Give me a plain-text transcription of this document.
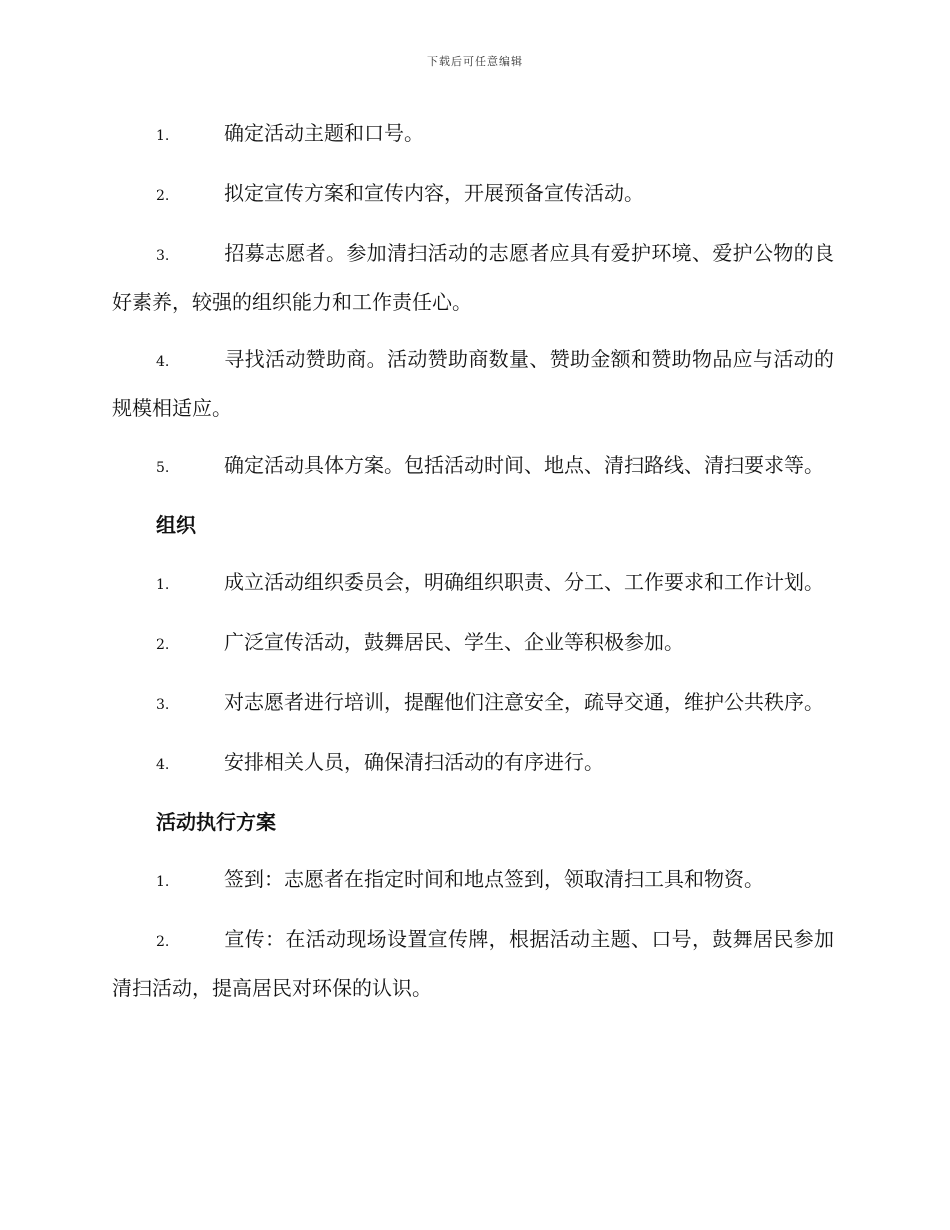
下载后可任意编辑

1.	确定活动主题和口号。

2.	拟定宣传方案和宣传内容，开展预备宣传活动。

3.	招募志愿者。参加清扫活动的志愿者应具有爱护环境、爱护公物的良好素养，较强的组织能力和工作责任心。

4.	寻找活动赞助商。活动赞助商数量、赞助金额和赞助物品应与活动的规模相适应。

5.	确定活动具体方案。包括活动时间、地点、清扫路线、清扫要求等。

组织

1.	成立活动组织委员会，明确组织职责、分工、工作要求和工作计划。

2.	广泛宣传活动，鼓舞居民、学生、企业等积极参加。

3.	对志愿者进行培训，提醒他们注意安全，疏导交通，维护公共秩序。

4.	安排相关人员，确保清扫活动的有序进行。

活动执行方案

1.	签到：志愿者在指定时间和地点签到，领取清扫工具和物资。

2.	宣传：在活动现场设置宣传牌，根据活动主题、口号，鼓舞居民参加清扫活动，提高居民对环保的认识。
